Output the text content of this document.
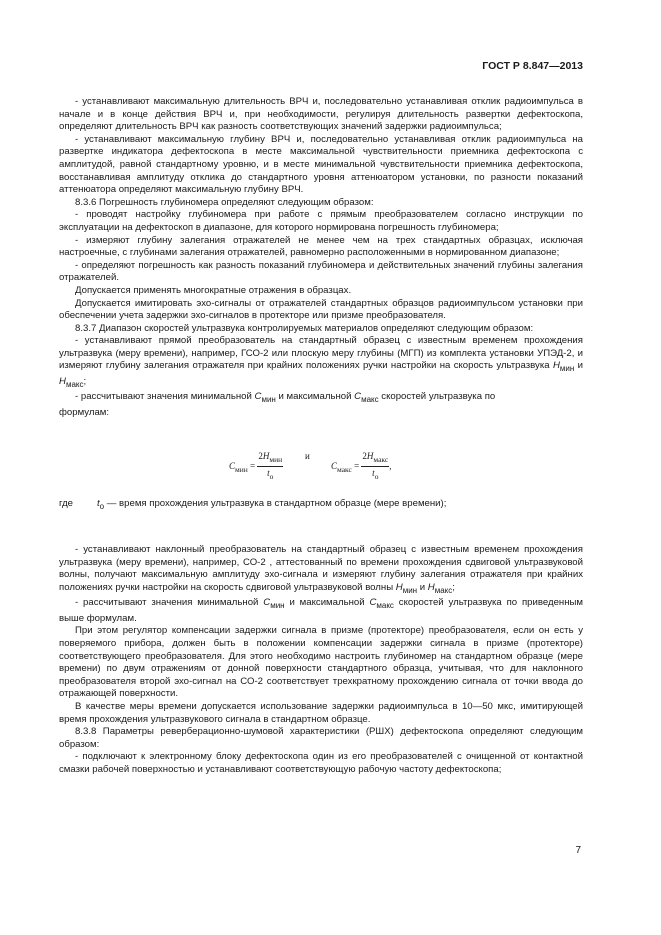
ГОСТ Р 8.847—2013

- устанавливают максимальную длительность ВРЧ и, последовательно устанавливая отклик радиоимпульса в начале и в конце действия ВРЧ и, при необходимости, регулируя длительность развертки дефектоскопа, определяют длительность ВРЧ как разность соответствующих значений задержки радиоимпульса;

- устанавливают максимальную глубину ВРЧ и, последовательно устанавливая отклик радиоимпульса на развертке индикатора дефектоскопа в месте максимальной чувствительности приемника дефектоскопа с амплитудой, равной стандартному уровню, и в месте минимальной чувствительности приемника дефектоскопа, восстанавливая амплитуду отклика до стандартного уровня аттенюатором установки, по разности показаний аттенюатора определяют максимальную глубину ВРЧ.

8.3.6 Погрешность глубиномера определяют следующим образом:

- проводят настройку глубиномера при работе с прямым преобразователем согласно инструкции по эксплуатации на дефектоскоп в диапазоне, для которого нормирована погрешность глубиномера;

- измеряют глубину залегания отражателей не менее чем на трех стандартных образцах, исключая настроечные, с глубинами залегания отражателей, равномерно расположенными в нормированном диапазоне;

- определяют погрешность как разность показаний глубиномера и действительных значений глубины залегания отражателей.

Допускается применять многократные отражения в образцах.

Допускается имитировать эхо-сигналы от отражателей стандартных образцов радиоимпульсом установки при обеспечении учета задержки эхо-сигналов в протекторе или призме преобразователя.

8.3.7 Диапазон скоростей ультразвука контролируемых материалов определяют следующим образом:

- устанавливают прямой преобразователь на стандартный образец с известным временем прохождения ультразвука (меру времени), например, ГСО-2 или плоскую меру глубины (МГП) из комплекта установки УПЭД-2, и измеряют глубину залегания отражателя при крайних положениях ручки настройки на скорость ультразвука $H_{мин}$ и $H_{макс}$;

- рассчитывают значения минимальной $C_{мин}$ и максимальной $C_{макс}$ скоростей ультразвука по

формулам:

$C_{мин} = \frac{2H_{мин}}{t_о}$ и
$C_{макс} = \frac{2H_{макс}}{t_о}$ ,
где	$t_о$ — время прохождения ультразвука в стандартном образце (мере времени);

- устанавливают наклонный преобразователь на стандартный образец с известным временем прохождения ультразвука (меру времени), например, СО-2 , аттестованный по времени прохождения сдвиговой ультразвуковой волны, получают максимальную амплитуду эхо-сигнала и измеряют глубину залегания отражателя при крайних положениях ручки настройки на скорость сдвиговой ультразвуковой волны $H_{мин}$ и $H_{макс}$;

- рассчитывают значения минимальной $C_{мин}$ и максимальной $C_{макс}$ скоростей ультразвука по приведенным выше формулам.

При этом регулятор компенсации задержки сигнала в призме (протекторе) преобразователя, если он есть у поверяемого прибора, должен быть в положении компенсации задержки сигнала в призме (протекторе) соответствующего преобразователя. Для этого необходимо настроить глубиномер на стандартном образце (мере времени) по двум отражениям от донной поверхности стандартного образца, учитывая, что для наклонного преобразователя второй эхо-сигнал на СО-2 соответствует трехкратному прохождению сигнала от точки ввода до отражающей поверхности.

В качестве меры времени допускается использование задержки радиоимпульса в 10—50 мкс, имитирующей время прохождения ультразвукового сигнала в стандартном образце.

8.3.8 Параметры реверберационно-шумовой характеристики (РШХ) дефектоскопа определяют следующим образом:

- подключают к электронному блоку дефектоскопа один из его преобразователей с очищенной от контактной смазки рабочей поверхностью и устанавливают соответствующую рабочую частоту дефектоскопа;

7
